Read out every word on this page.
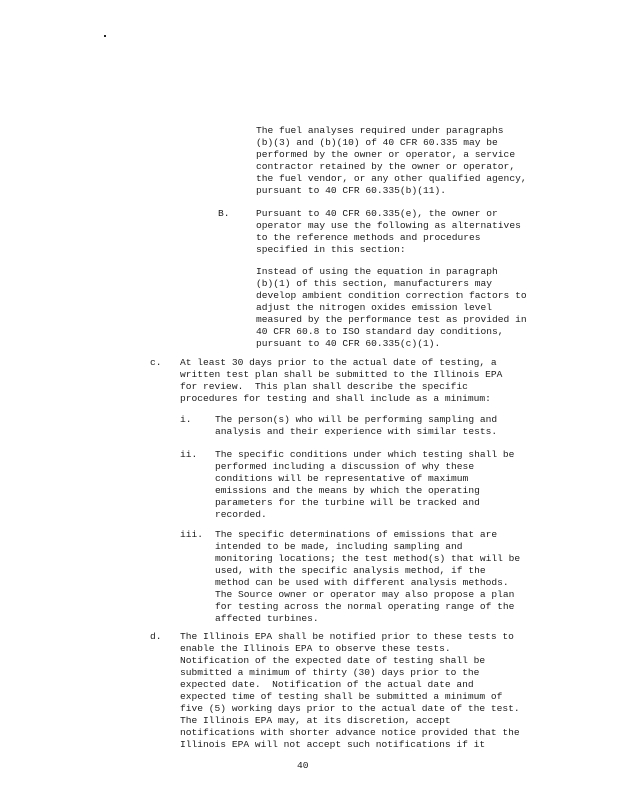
The fuel analyses required under paragraphs

(b)(3) and (b)(10) of 40 CFR 60.335 may be

performed by the owner or operator, a service

contractor retained by the owner or operator,

the fuel vendor, or any other qualified agency,

pursuant to 40 CFR 60.335(b)(11).

B.	Pursuant to 40 CFR 60.335(e), the owner or

operator may use the following as alternatives

to the reference methods and procedures

specified in this section:

Instead of using the equation in paragraph

(b)(1) of this section, manufacturers may

develop ambient condition correction factors to

adjust the nitrogen oxides emission level

measured by the performance test as provided in

40 CFR 60.8 to ISO standard day conditions,

pursuant to 40 CFR 60.335(c)(1).

c. At least 30 days prior to the actual date of testing, a

written test plan shall be submitted to the Illinois EPA

for review.  This plan shall describe the specific

procedures for testing and shall include as a minimum:

i. The person(s) who will be performing sampling and

analysis and their experience with similar tests.

ii. The specific conditions under which testing shall be

performed including a discussion of why these

conditions will be representative of maximum

emissions and the means by which the operating

parameters for the turbine will be tracked and

recorded.

iii. The specific determinations of emissions that are

intended to be made, including sampling and

monitoring locations; the test method(s) that will be

used, with the specific analysis method, if the

method can be used with different analysis methods.

The Source owner or operator may also propose a plan

for testing across the normal operating range of the

affected turbines.

d. The Illinois EPA shall be notified prior to these tests to

enable the Illinois EPA to observe these tests.

Notification of the expected date of testing shall be

submitted a minimum of thirty (30) days prior to the

expected date.  Notification of the actual date and

expected time of testing shall be submitted a minimum of

five (5) working days prior to the actual date of the test.

The Illinois EPA may, at its discretion, accept

notifications with shorter advance notice provided that the

Illinois EPA will not accept such notifications if it

40
